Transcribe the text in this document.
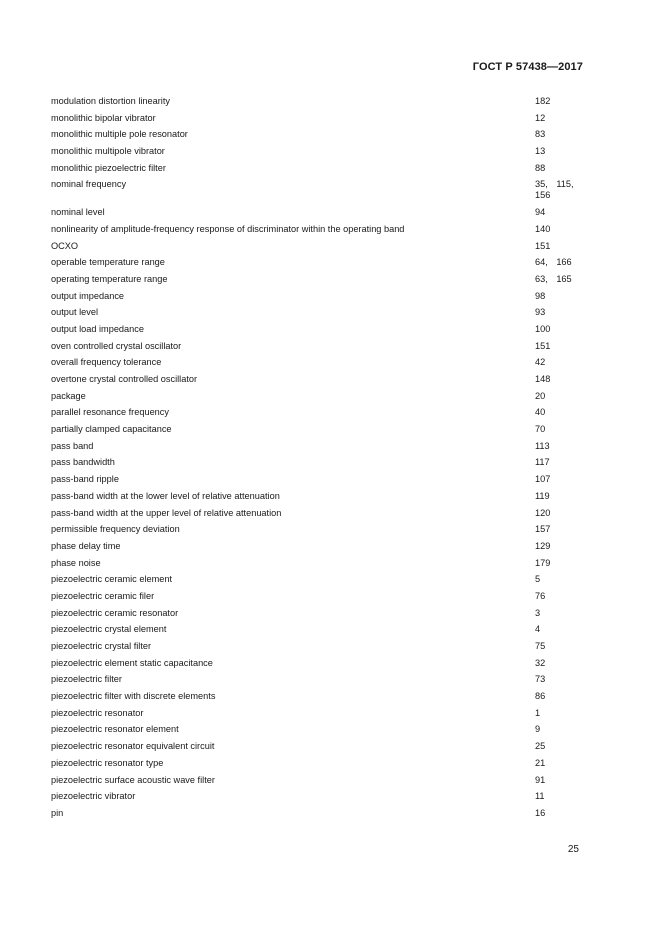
ГОСТ Р 57438—2017
modulation distortion linearity	182
monolithic bipolar vibrator	12
monolithic multiple pole resonator	83
monolithic multipole vibrator	13
monolithic piezoelectric filter	88
nominal frequency	35, 115, 156
nominal level	94
nonlinearity of amplitude-frequency response of discriminator within the operating band	140
OCXO	151
operable temperature range	64, 166
operating temperature range	63, 165
output impedance	98
output level	93
output load impedance	100
oven controlled crystal oscillator	151
overall frequency tolerance	42
overtone crystal controlled oscillator	148
package	20
parallel resonance frequency	40
partially clamped capacitance	70
pass band	113
pass bandwidth	117
pass-band ripple	107
pass-band width at the lower level of relative attenuation	119
pass-band width at the upper level of relative attenuation	120
permissible frequency deviation	157
phase delay time	129
phase noise	179
piezoelectric ceramic element	5
piezoelectric ceramic filer	76
piezoelectric ceramic resonator	3
piezoelectric crystal element	4
piezoelectric crystal filter	75
piezoelectric element static capacitance	32
piezoelectric filter	73
piezoelectric filter with discrete elements	86
piezoelectric resonator	1
piezoelectric resonator element	9
piezoelectric resonator equivalent circuit	25
piezoelectric resonator type	21
piezoelectric surface acoustic wave filter	91
piezoelectric vibrator	11
pin	16
25
